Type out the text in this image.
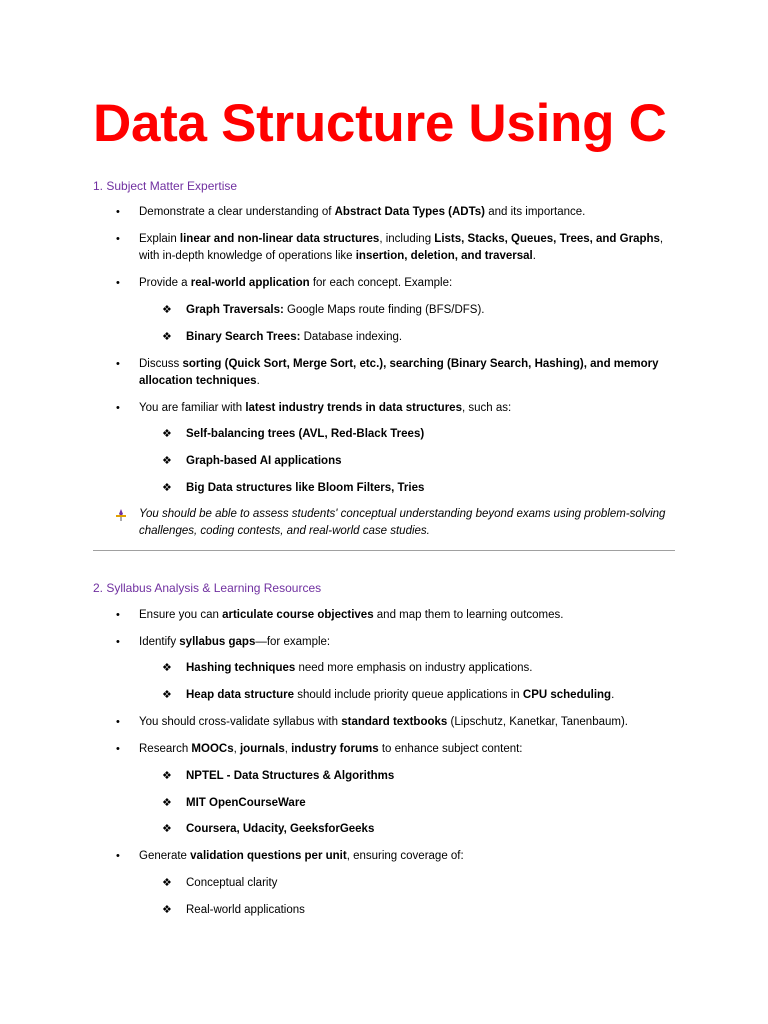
Data Structure Using C
1. Subject Matter Expertise
• Demonstrate a clear understanding of Abstract Data Types (ADTs) and its importance.
• Explain linear and non-linear data structures, including Lists, Stacks, Queues, Trees, and Graphs, with in-depth knowledge of operations like insertion, deletion, and traversal.
• Provide a real-world application for each concept. Example:
❖ Graph Traversals: Google Maps route finding (BFS/DFS).
❖ Binary Search Trees: Database indexing.
• Discuss sorting (Quick Sort, Merge Sort, etc.), searching (Binary Search, Hashing), and memory allocation techniques.
• You are familiar with latest industry trends in data structures, such as:
❖ Self-balancing trees (AVL, Red-Black Trees)
❖ Graph-based AI applications
❖ Big Data structures like Bloom Filters, Tries
You should be able to assess students' conceptual understanding beyond exams using problem-solving challenges, coding contests, and real-world case studies.
2. Syllabus Analysis & Learning Resources
• Ensure you can articulate course objectives and map them to learning outcomes.
• Identify syllabus gaps—for example:
❖ Hashing techniques need more emphasis on industry applications.
❖ Heap data structure should include priority queue applications in CPU scheduling.
• You should cross-validate syllabus with standard textbooks (Lipschutz, Kanetkar, Tanenbaum).
• Research MOOCs, journals, industry forums to enhance subject content:
❖ NPTEL - Data Structures & Algorithms
❖ MIT OpenCourseWare
❖ Coursera, Udacity, GeeksforGeeks
• Generate validation questions per unit, ensuring coverage of:
❖ Conceptual clarity
❖ Real-world applications
